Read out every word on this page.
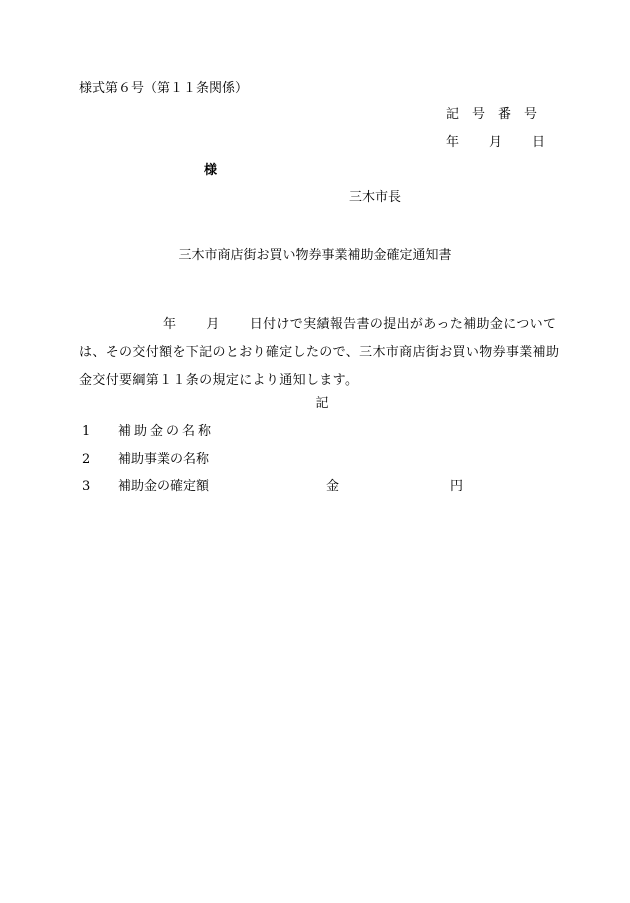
様式第６号（第１１条関係）
記　号　番　号
年 月 日
様
三木市長
三木市商店街お買い物券事業補助金確定通知書
年 月 日付けで実績報告書の提出があった補助金については、その交付額を下記のとおり確定したので、三木市商店街お買い物券事業補助金交付要綱第１１条の規定により通知します。
記
1 補助金の名称
2 補助事業の名称
3 補助金の確定額	金	円
